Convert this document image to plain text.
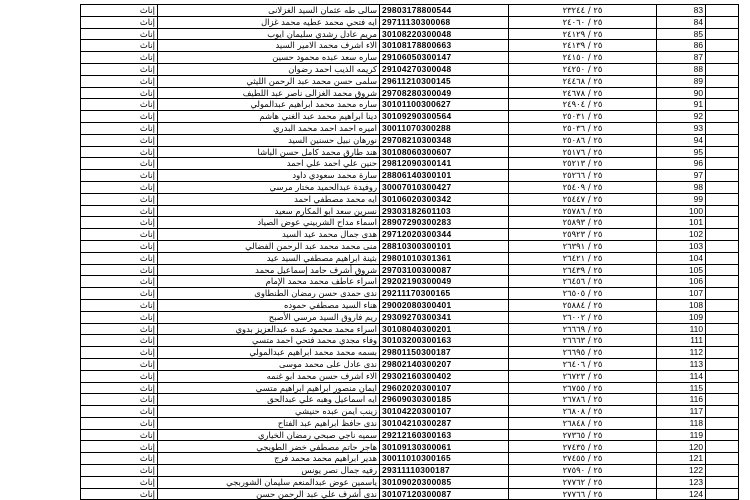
إناث	سالى طه عثمان السيد الغزلانى	29803178800544	٢٥ / ٢٣٢٤٤	83	
إناث	ايه فتحي محمد عطيه محمد غزال	29711130300068	٢٥ / ٢٤٠٦٠	84	
إناث	مريم عادل رشدي سليمان ايوب	30108220300048	٢٥ / ٢٤١٢٩	85	
إناث	الاء اشرف محمد الامير السيد	30108178800663	٢٥ / ٢٤١٣٩	86	
إناث	ساره سعد عبده محمود حسين	29106050300147	٢٥ / ٢٤١٥٠	87	
إناث	كريمه الذيب احمد رضوان	29104270300048	٢٥ / ٢٤٢٥٠	88	
إناث	سلمى حسن محمد عبد الرحمن الليثي	29611210300145	٢٥ / ٢٤٤٦٨	89	
إناث	شروق محمد الغزالى ناصر عبد اللطيف	29708280300049	٢٥ / ٢٤٦٧٨	90	
إناث	ساره محمد محمد ابراهيم عبدالمولي	30101100300627	٢٥ / ٢٤٩٠٤	91	
إناث	دينا ابراهيم محمد عبد الغني هاشم	30109290300564	٢٥ / ٢٥٠٣١	92	
إناث	اميره احمد احمد محمد البدري	30011070300288	٢٥ / ٢٥٠٣٦	93	
إناث	نورهان نبيل حسنين السيد	29708210300348	٢٥ / ٢٥٠٨٦	94	
إناث	هند طارق محمد كامل حسن الباشا	30108060300607	٢٥ / ٢٥١٧٦	95	
إناث	حنين علي احمد علي احمد	29812090300141	٢٥ / ٢٥٢١٣	96	
إناث	سارة محمد سعودي داود	28806140300101	٢٥ / ٢٥٢٦٦	97	
إناث	روفيدة عبدالحميد مختار مرسي	30007010300427	٢٥ / ٢٥٤٠٩	98	
إناث	ايه محمد مصطفي احمد	30106020300342	٢٥ / ٢٥٤٤٧	99	
إناث	نسرين سعد ابو المكارم سعيد	29303182601103	٢٥ / ٢٥٧٨٦	100	
إناث	اسماء مداح الشربيني عوض الصياد	28907290300283	٢٥ / ٢٥٨٩٣	101	
إناث	هدى جمال محمد عيد السيد	29712020300344	٢٥ / ٢٥٩٢٣	102	
إناث	منى محمد محمد عبد الرحمن الفضالي	28810300300101	٢٥ / ٢٦٣٩١	103	
إناث	بثينة ابراهيم مصطفي السيد عيد	29801010301361	٢٥ / ٢٦٤٢١	104	
إناث	شروق أشرف حامد إسماعيل محمد	29703100300087	٢٥ / ٢٦٤٣٩	105	
إناث	اسراء عاطف محمد محمد الإمام	29202190300049	٢٥ / ٢٦٤٥٦	106	
إناث	ندى حمدى حسن رمضان الطنطاوى	29211170300165	٢٥ / ٢٦٥٠٥	107	
إناث	هناء السيد مصطفي حموده	29002080300401	٢٥ / ٢٥٨٨٤	108	
إناث	ريم فاروق السيد مرسي الأصبح	29309270300341	٢٥ / ٢٦٠٠٢	109	
إناث	اسراء محمد محمود عبده عبدالعزيز بدوي	30108040300201	٢٥ / ٢٦٦٦٩	110	
إناث	وفاء مجدي محمد فتحي احمد متسي	30103200300163	٢٥ / ٢٦٦٦٣	111	
إناث	بسمه محمد محمد ابراهيم عبدالمولي	29801150300187	٢٥ / ٢٦٦٩٥	112	
إناث	ندى عادل على محمد موسى	29802140300207	٢٥ / ٢٦٤٠٦	113	
إناث	الاء اشرف حسن محمد ابو غنمه	29302160300402	٢٥ / ٢٦٧٢٣	114	
إناث	ايمان منصور ابراهيم ابراهيم متسي	29602020300107	٢٥ / ٢٦٧٥٥	115	
إناث	ايه اسماعيل وهبه علي عبدالحق	29609030300185	٢٥ / ٢٦٧٨٦	116	
إناث	زينب ايمن عبده حنيشي	30104220300107	٢٥ / ٢٦٨٠٨	117	
إناث	ندى حافظ ابراهيم عبد الفتاح	30104210300287	٢٥ / ٢٦٨٤٨	118	
إناث	سميه ناجي صبحي رمضان الخياري	29212160300163	٢٥ / ٢٧٣٦٥	119	
إناث	هاجر حاتم مصطفي خضر الطويجي	30109130300061	٢٥ / ٢٧٤٣٥	120	
إناث	هدير ابراهيم محمد محمد فرج	30011010300165	٢٥ / ٢٧٤٥٥	121	
إناث	رفيه جمال نصر يونس	29311110300187	٢٥ / ٢٧٥٩٠	122	
إناث	ياسمين عوض عبدالمنعم سليمان الشوربجي	30109020300085	٢٥ / ٢٧٧٦٢	123	
إناث	ندى أشرف علي عبد الرحمن حسن	30107120300087	٢٥ / ٢٧٧٦٦	124	
